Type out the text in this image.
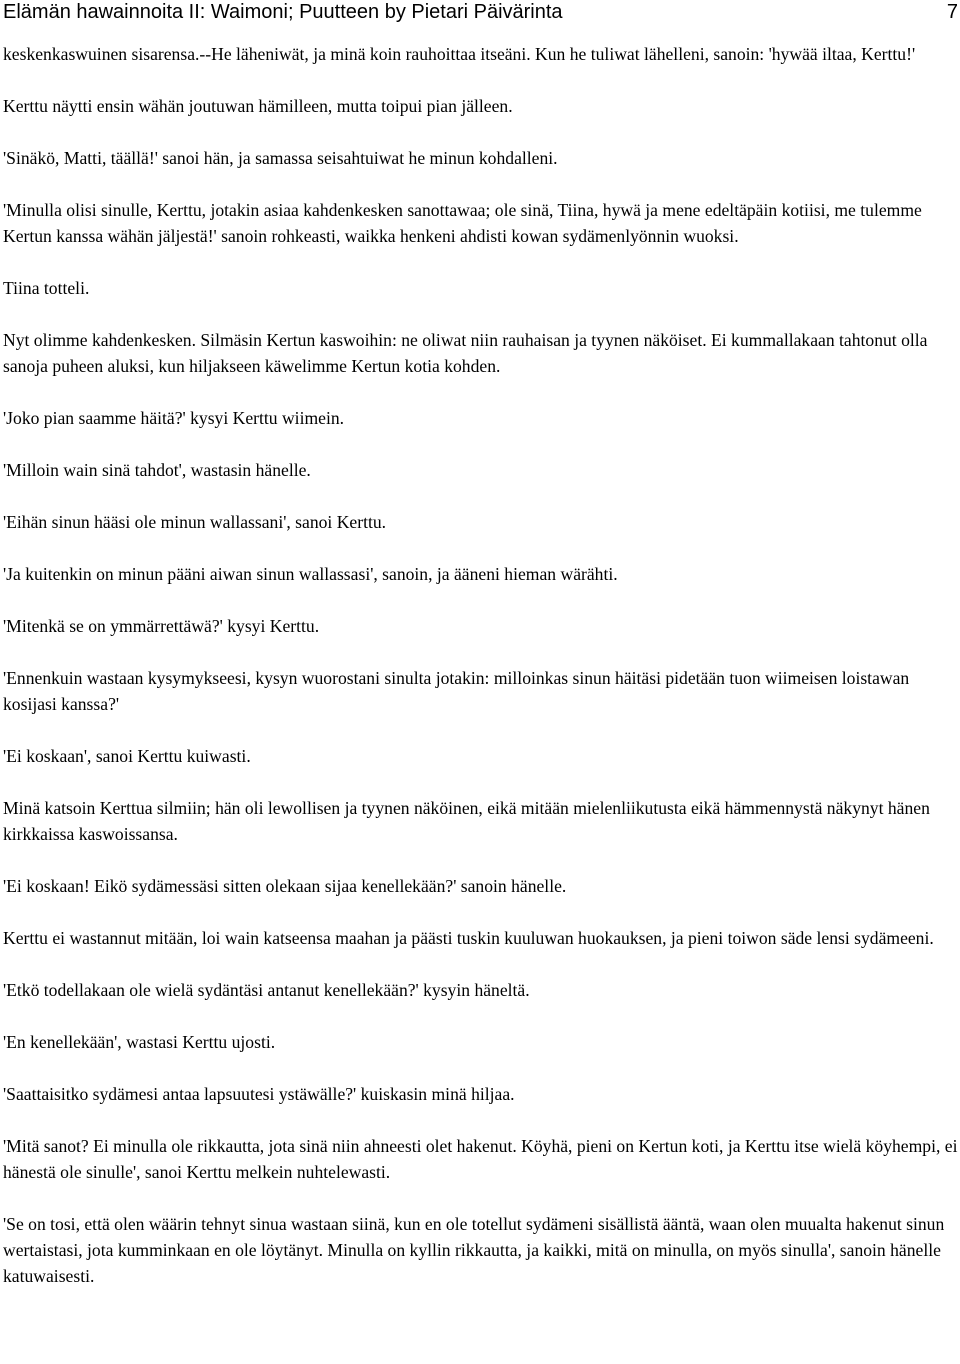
Elämän hawainnoita II: Waimoni; Puutteen by Pietari Päivärinta	7

keskenkaswuinen sisarensa.--He läheniwät, ja minä koin rauhoittaa itseäni. Kun he tuliwat lähelleni, sanoin: 'hywää iltaa, Kerttu!'

Kerttu näytti ensin wähän joutuwan hämilleen, mutta toipui pian jälleen.

'Sinäkö, Matti, täällä!' sanoi hän, ja samassa seisahtuiwat he minun kohdalleni.

'Minulla olisi sinulle, Kerttu, jotakin asiaa kahdenkesken sanottawaa; ole sinä, Tiina, hywä ja mene edeltäpäin kotiisi, me tulemme Kertun kanssa wähän jäljestä!' sanoin rohkeasti, waikka henkeni ahdisti kowan sydämenlyönnin wuoksi.

Tiina totteli.

Nyt olimme kahdenkesken. Silmäsin Kertun kaswoihin: ne oliwat niin rauhaisan ja tyynen näköiset. Ei kummallakaan tahtonut olla sanoja puheen aluksi, kun hiljakseen käwelimme Kertun kotia kohden.

'Joko pian saamme häitä?' kysyi Kerttu wiimein.

'Milloin wain sinä tahdot', wastasin hänelle.

'Eihän sinun hääsi ole minun wallassani', sanoi Kerttu.

'Ja kuitenkin on minun pääni aiwan sinun wallassasi', sanoin, ja ääneni hieman wärähti.

'Mitenkä se on ymmärrettäwä?' kysyi Kerttu.

'Ennenkuin wastaan kysymykseesi, kysyn wuorostani sinulta jotakin: milloinkas sinun häitäsi pidetään tuon wiimeisen loistawan kosijasi kanssa?'

'Ei koskaan', sanoi Kerttu kuiwasti.

Minä katsoin Kerttua silmiin; hän oli lewollisen ja tyynen näköinen, eikä mitään mielenliikutusta eikä hämmennystä näkynyt hänen kirkkaissa kaswoissansa.

'Ei koskaan! Eikö sydämessäsi sitten olekaan sijaa kenellekään?' sanoin hänelle.

Kerttu ei wastannut mitään, loi wain katseensa maahan ja päästi tuskin kuuluwan huokauksen, ja pieni toiwon säde lensi sydämeeni.

'Etkö todellakaan ole wielä sydäntäsi antanut kenellekään?' kysyin häneltä.

'En kenellekään', wastasi Kerttu ujosti.

'Saattaisitko sydämesi antaa lapsuutesi ystäwälle?' kuiskasin minä hiljaa.

'Mitä sanot? Ei minulla ole rikkautta, jota sinä niin ahneesti olet hakenut. Köyhä, pieni on Kertun koti, ja Kerttu itse wielä köyhempi, ei hänestä ole sinulle', sanoi Kerttu melkein nuhtelewasti.

'Se on tosi, että olen wäärin tehnyt sinua wastaan siinä, kun en ole totellut sydämeni sisällistä ääntä, waan olen muualta hakenut sinun wertaistasi, jota kumminkaan en ole löytänyt. Minulla on kyllin rikkautta, ja kaikki, mitä on minulla, on myös sinulla', sanoin hänelle katuwaisesti.
